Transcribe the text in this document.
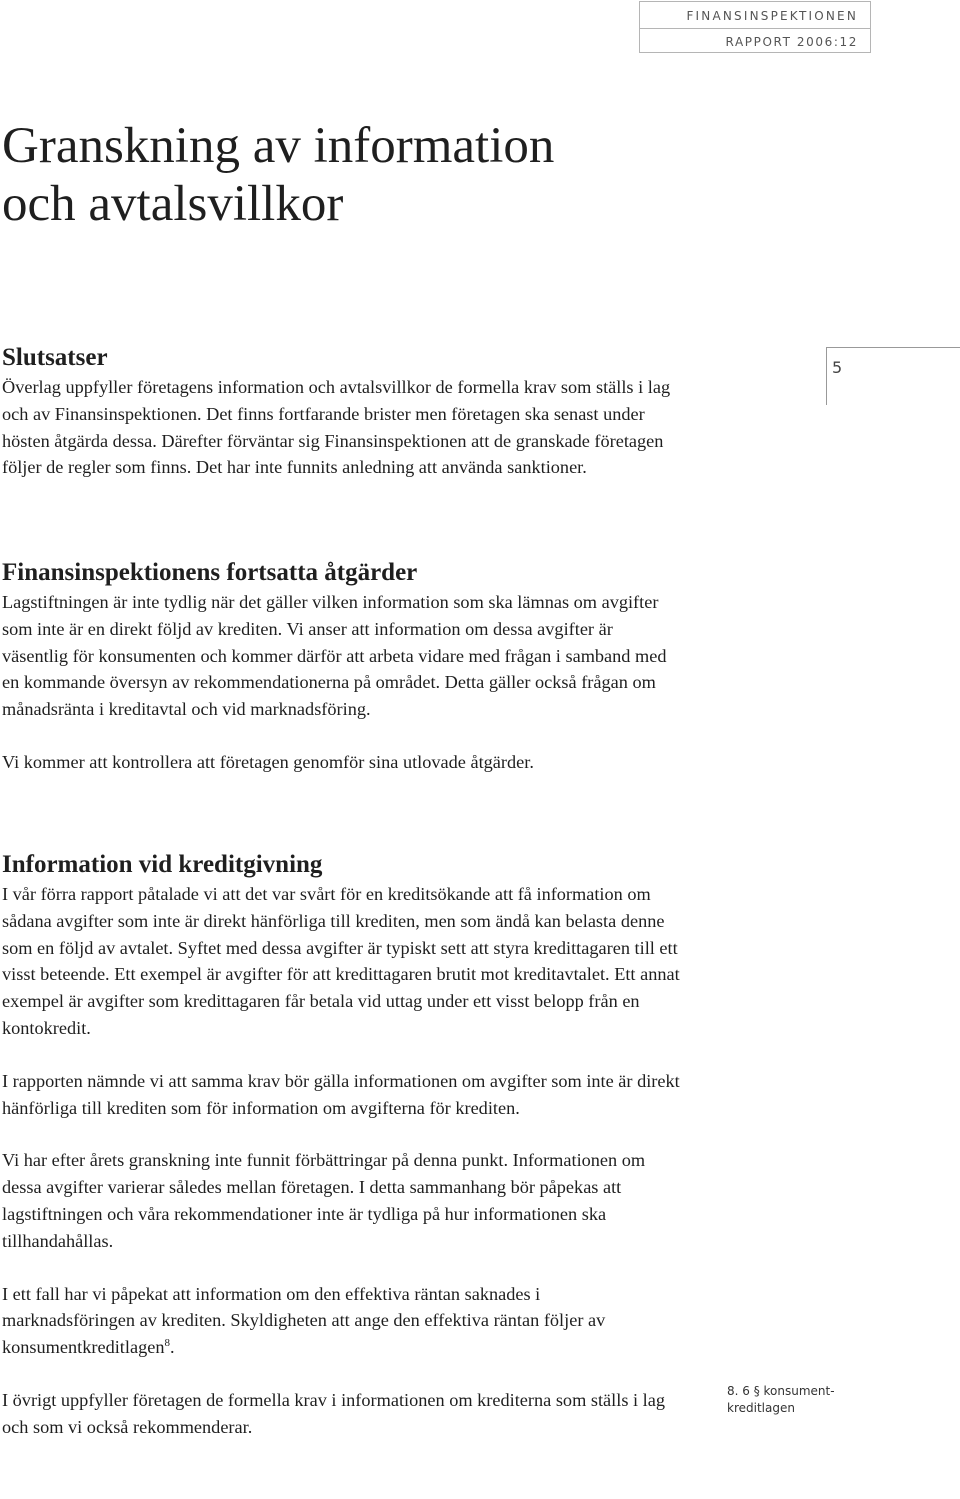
FINANSINSPEKTIONEN
RAPPORT 2006:12
Granskning av information
och avtalsvillkor
5
Slutsatser

Överlag uppfyller företagens information och avtalsvillkor de formella krav som ställs i lag och av Finansinspektionen. Det finns fortfarande brister men företagen ska senast under hösten åtgärda dessa. Därefter förväntar sig Finansinspektionen att de granskade företagen följer de regler som finns. Det har inte funnits anledning att använda sanktioner.

Finansinspektionens fortsatta åtgärder

Lagstiftningen är inte tydlig när det gäller vilken information som ska lämnas om avgifter som inte är en direkt följd av krediten. Vi anser att information om dessa avgifter är väsentlig för konsumenten och kommer därför att arbeta vidare med frågan i samband med en kommande översyn av rekommendationerna på området. Detta gäller också frågan om månadsränta i kreditavtal och vid marknadsföring.

Vi kommer att kontrollera att företagen genomför sina utlovade åtgärder.

Information vid kreditgivning

I vår förra rapport påtalade vi att det var svårt för en kreditsökande att få information om sådana avgifter som inte är direkt hänförliga till krediten, men som ändå kan belasta denne som en följd av avtalet. Syftet med dessa avgifter är typiskt sett att styra kredittagaren till ett visst beteende. Ett exempel är avgifter för att kredittagaren brutit mot kreditavtalet. Ett annat exempel är avgifter som kredittagaren får betala vid uttag under ett visst belopp från en kontokredit.

I rapporten nämnde vi att samma krav bör gälla informationen om avgifter som inte är direkt hänförliga till krediten som för information om avgifterna för krediten.

Vi har efter årets granskning inte funnit förbättringar på denna punkt. Informationen om dessa avgifter varierar således mellan företagen. I detta sammanhang bör påpekas att lagstiftningen och våra rekommendationer inte är tydliga på hur informationen ska tillhandahållas.

I ett fall har vi påpekat att information om den effektiva räntan saknades i marknadsföringen av krediten. Skyldigheten att ange den effektiva räntan följer av konsumentkreditlagen$^8$.

I övrigt uppfyller företagen de formella krav i informationen om krediterna som ställs i lag och som vi också rekommenderar.

8. 6 § konsument-kreditlagen
